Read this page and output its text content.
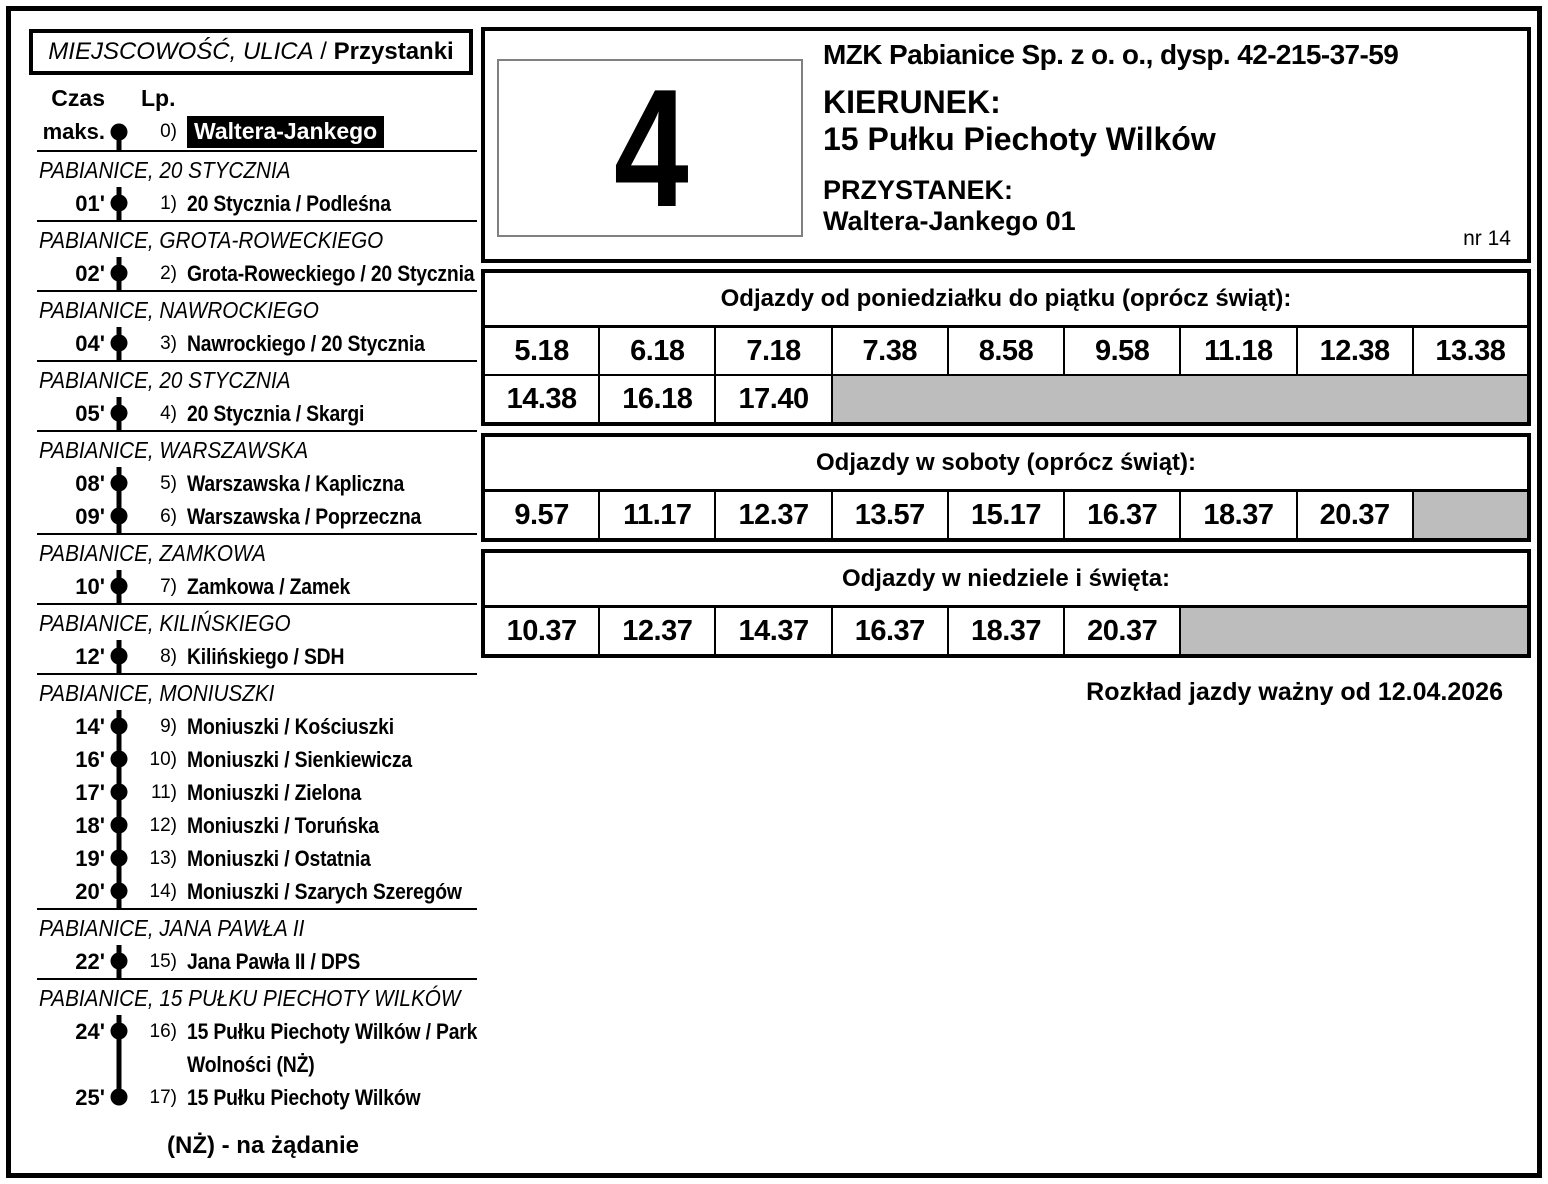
MIEJSCOWOŚĆ, ULICA / Przystanki
Czas Lp.
maks.	0) Waltera-Jankego
PABIANICE, 20 STYCZNIA
01'	1) 20 Stycznia / Podleśna
PABIANICE, GROTA-ROWECKIEGO
02'	2) Grota-Roweckiego / 20 Stycznia
PABIANICE, NAWROCKIEGO
04'	3) Nawrockiego / 20 Stycznia
PABIANICE, 20 STYCZNIA
05'	4) 20 Stycznia / Skargi
PABIANICE, WARSZAWSKA
08'	5) Warszawska / Kapliczna
09'	6) Warszawska / Poprzeczna
PABIANICE, ZAMKOWA
10'	7) Zamkowa / Zamek
PABIANICE, KILIŃSKIEGO
12'	8) Kilińskiego / SDH
PABIANICE, MONIUSZKI
14'	9) Moniuszki / Kościuszki
16'	10) Moniuszki / Sienkiewicza
17'	11) Moniuszki / Zielona
18'	12) Moniuszki / Toruńska
19'	13) Moniuszki / Ostatnia
20'	14) Moniuszki / Szarych Szeregów
PABIANICE, JANA PAWŁA II
22'	15) Jana Pawła II / DPS
PABIANICE, 15 PUŁKU PIECHOTY WILKÓW
24'	16) 15 Pułku Piechoty Wilków / Park Wolności (NŻ)
25'	17) 15 Pułku Piechoty Wilków
(NŻ) - na żądanie
4	MZK Pabianice Sp. z o. o., dysp. 42-215-37-59
KIERUNEK:
15 Pułku Piechoty Wilków
PRZYSTANEK:
Waltera-Jankego 01
nr 14
Odjazdy od poniedziałku do piątku (oprócz świąt):								
5.18	6.18	7.18	7.38	8.58	9.58	11.18	12.38	13.38
14.38	16.18	17.40						
Odjazdy w soboty (oprócz świąt):
9.57	11.17	12.37	13.57	15.17	16.37	18.37	20.37	
Odjazdy w niedziele i święta:
10.37	12.37	14.37	16.37	18.37	20.37	
Rozkład jazdy ważny od 12.04.2026
